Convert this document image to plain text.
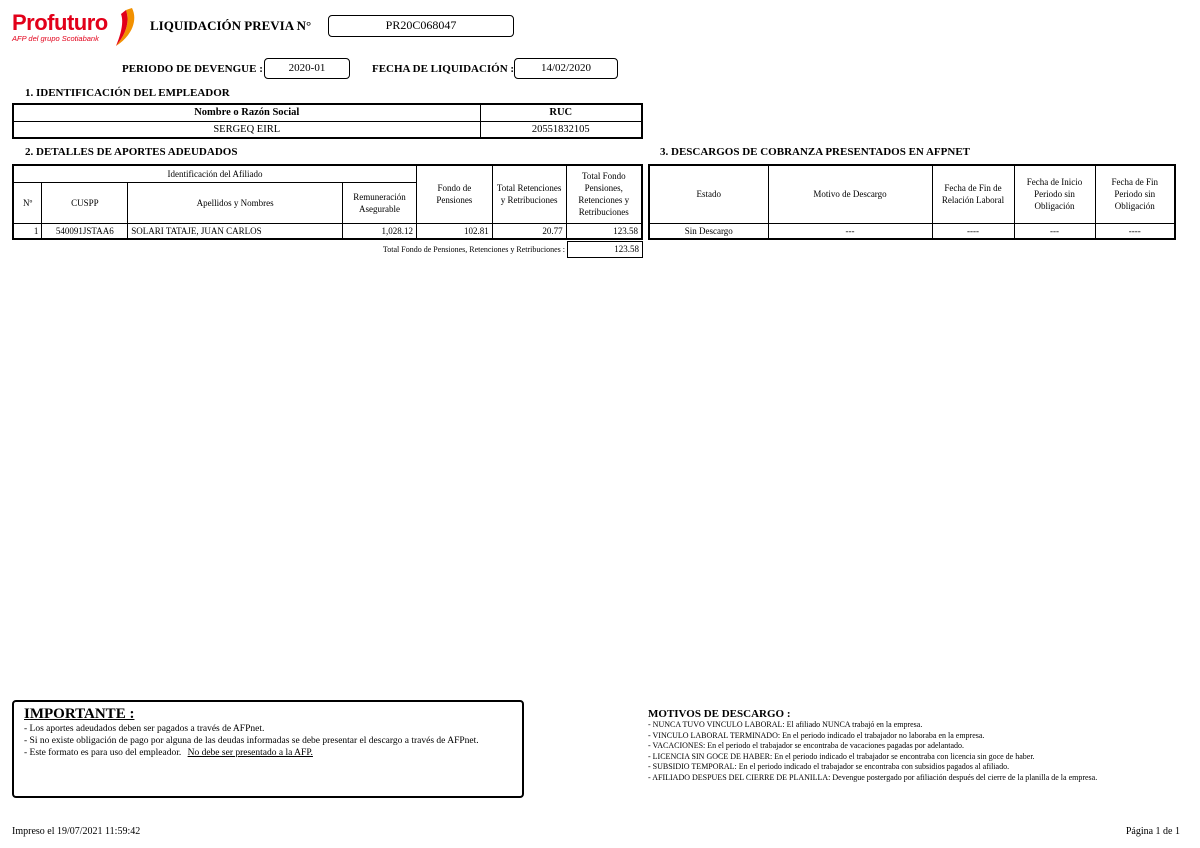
Profuturo
AFP del grupo Scotiabank
LIQUIDACIÓN PREVIA N°	PR20C068047
PERIODO DE DEVENGUE :	2020-01	FECHA DE LIQUIDACIÓN :	14/02/2020
1. IDENTIFICACIÓN DEL EMPLEADOR
Nombre o Razón Social	RUC
SERGEQ EIRL	20551832105
2. DETALLES DE APORTES ADEUDADOS
Identificación del Afiliado				Fondo de Pensiones	Total Retenciones y Retribuciones	Total Fondo Pensiones, Retenciones y Retribuciones
Nº	CUSPP	Apellidos y Nombres	Remuneración Asegurable			
1	540091JSTAA6	SOLARI TATAJE, JUAN CARLOS	1,028.12	102.81	20.77	123.58
Total Fondo de Pensiones, Retenciones y Retribuciones :	123.58
3. DESCARGOS DE COBRANZA PRESENTADOS EN AFPNET
Estado	Motivo de Descargo	Fecha de Fin de Relación Laboral	Fecha de Inicio Periodo sin Obligación	Fecha de Fin Periodo sin Obligación
Sin Descargo	---	----	---	----
IMPORTANTE :
- Los aportes adeudados deben ser pagados a través de AFPnet.
- Si no existe obligación de pago por alguna de las deudas informadas se debe presentar el descargo a través de AFPnet.
- Este formato es para uso del empleador. No debe ser presentado a la AFP.
MOTIVOS DE DESCARGO :
- NUNCA TUVO VINCULO LABORAL: El afiliado NUNCA trabajó en la empresa.
- VINCULO LABORAL TERMINADO: En el periodo indicado el trabajador no laboraba en la empresa.
- VACACIONES: En el periodo el trabajador se encontraba de vacaciones pagadas por adelantado.
- LICENCIA SIN GOCE DE HABER: En el periodo indicado el trabajador se encontraba con licencia sin goce de haber.
- SUBSIDIO TEMPORAL: En el periodo indicado el trabajador se encontraba con subsidios pagados al afiliado.
- AFILIADO DESPUES DEL CIERRE DE PLANILLA: Devengue postergado por afiliación después del cierre de la planilla de la empresa.
Impreso el 19/07/2021 11:59:42	Página 1 de 1
